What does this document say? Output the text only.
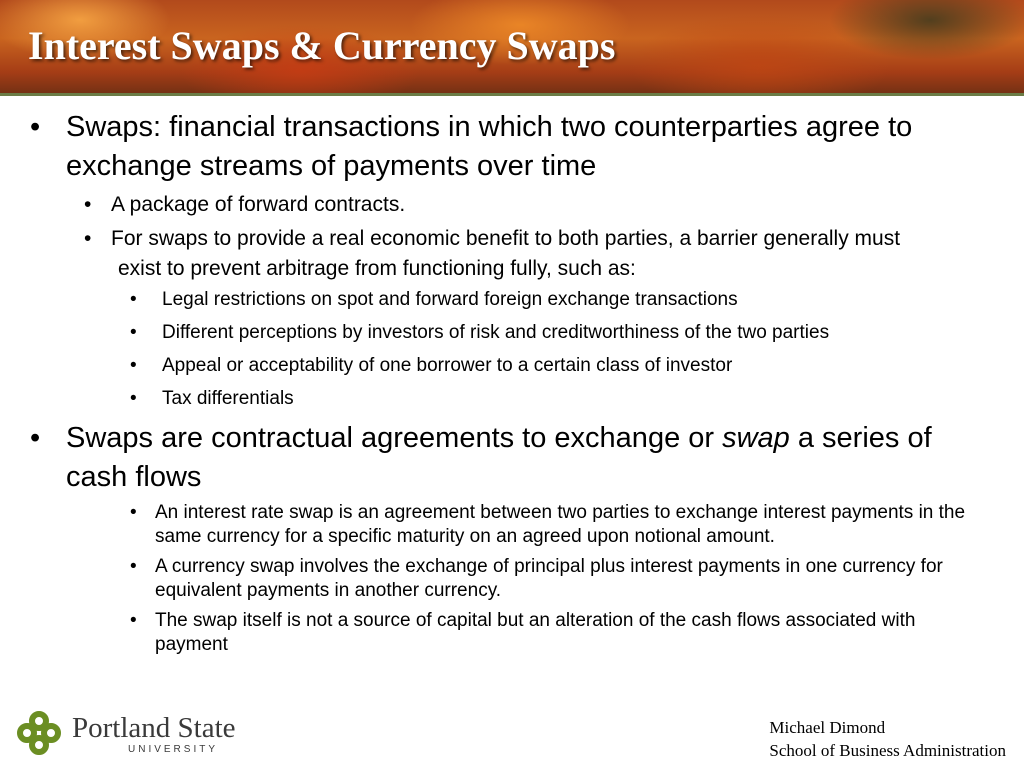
Interest Swaps & Currency Swaps

• Swaps: financial transactions in which two counterparties agree to exchange streams of payments over time

• A package of forward contracts.

• For swaps to provide a real economic benefit to both parties, a barrier generally must exist to prevent arbitrage from functioning fully, such as:

• Legal restrictions on spot and forward foreign exchange transactions

• Different perceptions by investors of risk and creditworthiness of the two parties

• Appeal or acceptability of one borrower to a certain class of investor

• Tax differentials

• Swaps are contractual agreements to exchange or swap a series of cash flows

• An interest rate swap is an agreement between two parties to exchange interest payments in the same currency for a specific maturity on an agreed upon notional amount.

• A currency swap involves the exchange of principal plus interest payments in one currency for equivalent payments in another currency.

• The swap itself is not a source of capital but an alteration of the cash flows associated with payment

Portland State
UNIVERSITY
Michael Dimond
School of Business Administration
